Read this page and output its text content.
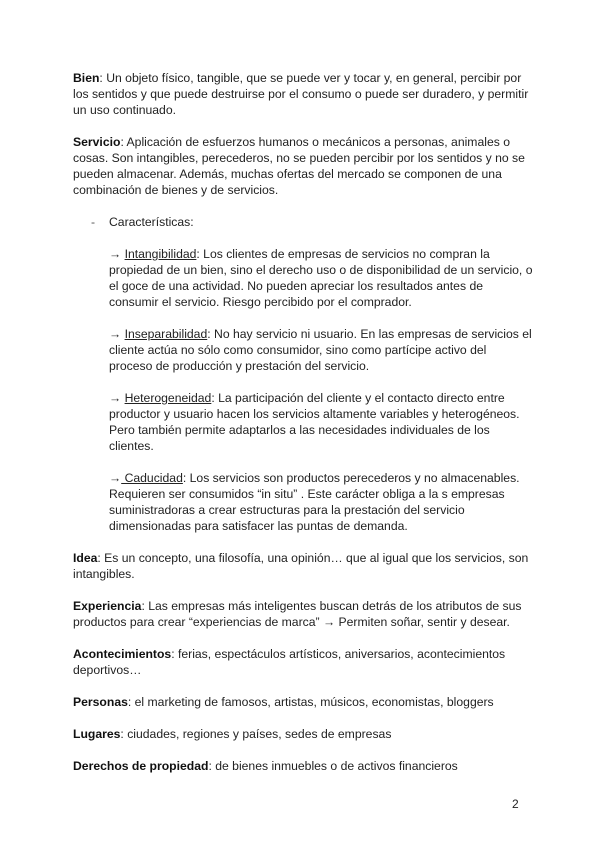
Bien: Un objeto físico, tangible, que se puede ver y tocar y, en general, percibir por los sentidos y que puede destruirse por el consumo o puede ser duradero, y permitir un uso continuado.

Servicio: Aplicación de esfuerzos humanos o mecánicos a personas, animales o cosas. Son intangibles, perecederos, no se pueden percibir por los sentidos y no se pueden almacenar. Además, muchas ofertas del mercado se componen de una combinación de bienes y de servicios.

- Características:

→ Intangibilidad: Los clientes de empresas de servicios no compran la propiedad de un bien, sino el derecho uso o de disponibilidad de un servicio, o el goce de una actividad. No pueden apreciar los resultados antes de consumir el servicio. Riesgo percibido por el comprador.

→ Inseparabilidad: No hay servicio ni usuario. En las empresas de servicios el cliente actúa no sólo como consumidor, sino como partícipe activo del proceso de producción y prestación del servicio.

→ Heterogeneidad: La participación del cliente y el contacto directo entre productor y usuario hacen los servicios altamente variables y heterogéneos. Pero también permite adaptarlos a las necesidades individuales de los clientes.

→ Caducidad: Los servicios son productos perecederos y no almacenables. Requieren ser consumidos “in situ” . Este carácter obliga a la s empresas suministradoras a crear estructuras para la prestación del servicio dimensionadas para satisfacer las puntas de demanda.

Idea: Es un concepto, una filosofía, una opinión… que al igual que los servicios, son intangibles.

Experiencia: Las empresas más inteligentes buscan detrás de los atributos de sus productos para crear “experiencias de marca” → Permiten soñar, sentir y desear.

Acontecimientos: ferias, espectáculos artísticos, aniversarios, acontecimientos deportivos…

Personas: el marketing de famosos, artistas, músicos, economistas, bloggers

Lugares: ciudades, regiones y países, sedes de empresas

Derechos de propiedad: de bienes inmuebles o de activos financieros

2
